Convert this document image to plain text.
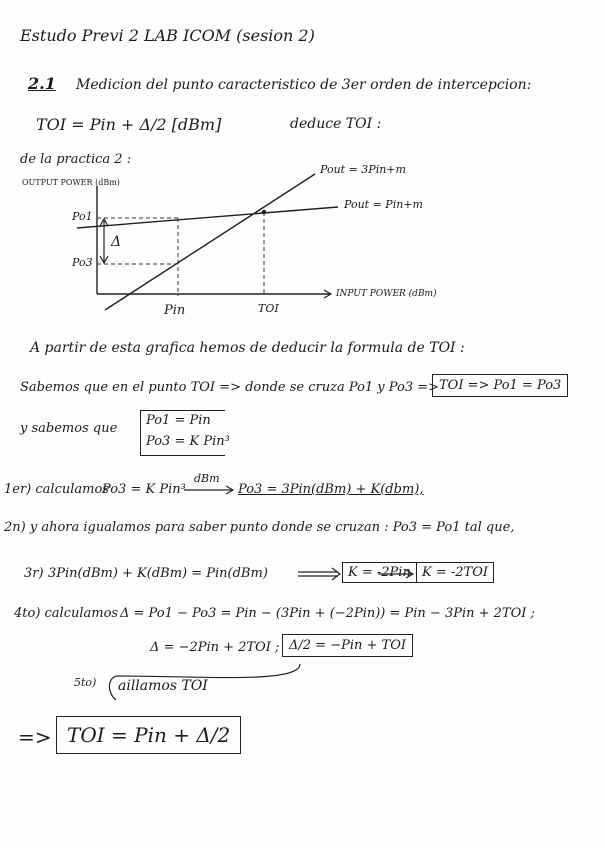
Estudo Previ 2 LAB ICOM (sesion 2)
2.1 Medicion del punto caracteristico de 3er orden de intercepcion:
TOI = Pin + Δ/2 [dBm]	deduce TOI :
de la practica 2 :
OUTPUT POWER (dBm)
Pout = 3Pin+m
Pout = Pin+m
Po1
Po3
Δ
Pin	TOI
INPUT POWER (dBm)
A partir de esta grafica hemos de deducir la formula de TOI :
Sabemos que en el punto TOI => donde se cruza Po1 y Po3 => TOI => Po1 = Po3
y sabemos que
Po1 = Pin
Po3 = K Pin³
1er) calculamos
Po3 = K Pin³
dBm
Po3 = 3Pin(dBm) + K(dbm),
2n) y ahora igualamos para saber punto donde se cruzan : Po3 = Po1 tal que,
3r) 3Pin(dBm) + K(dBm) = Pin(dBm)	K = -2Pin K = -2TOI
4to) calculamos Δ = Po1 − Po3 = Pin − (3Pin + (−2Pin)) = Pin − 3Pin + 2TOI ;
Δ = −2Pin + 2TOI ; Δ/2 = −Pin + TOI
5to) aillamos TOI
=> TOI = Pin + Δ/2
